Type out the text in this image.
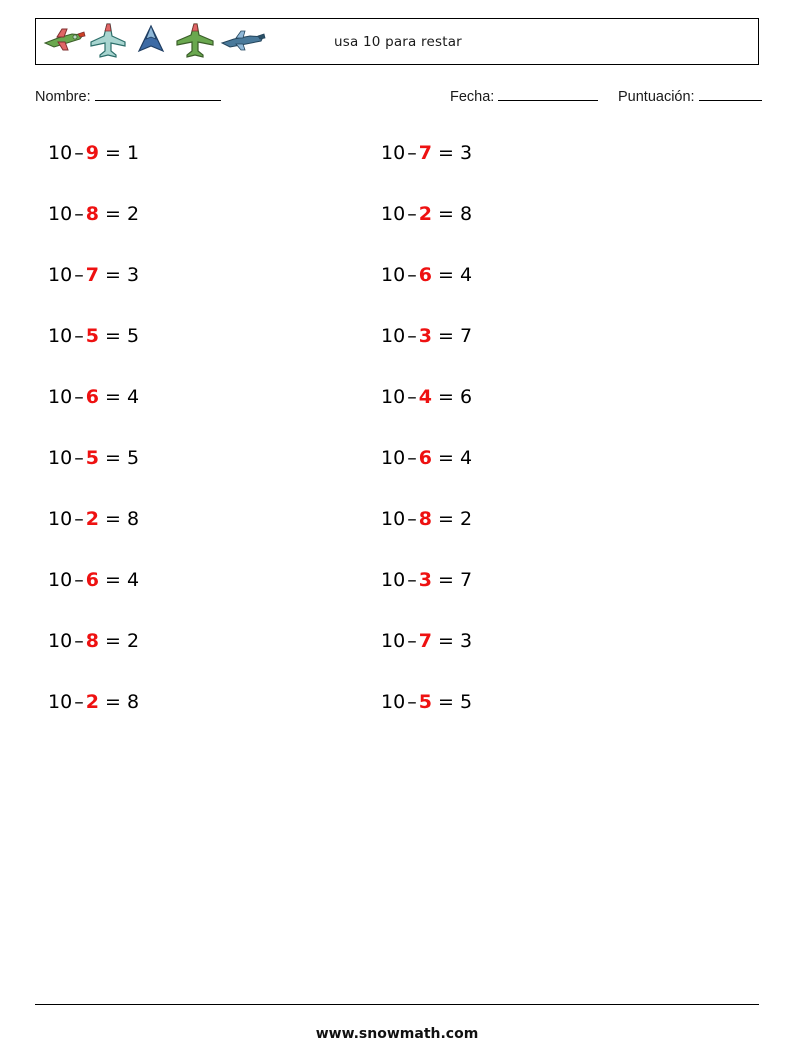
usa 10 para restar
Nombre:	Fecha:	Puntuación:
10 – 9 = 1
10 – 8 = 2
10 – 7 = 3
10 – 5 = 5
10 – 6 = 4
10 – 5 = 5
10 – 2 = 8
10 – 6 = 4
10 – 8 = 2
10 – 2 = 8
10 – 7 = 3
10 – 2 = 8
10 – 6 = 4
10 – 3 = 7
10 – 4 = 6
10 – 6 = 4
10 – 8 = 2
10 – 3 = 7
10 – 7 = 3
10 – 5 = 5
www.snowmath.com
